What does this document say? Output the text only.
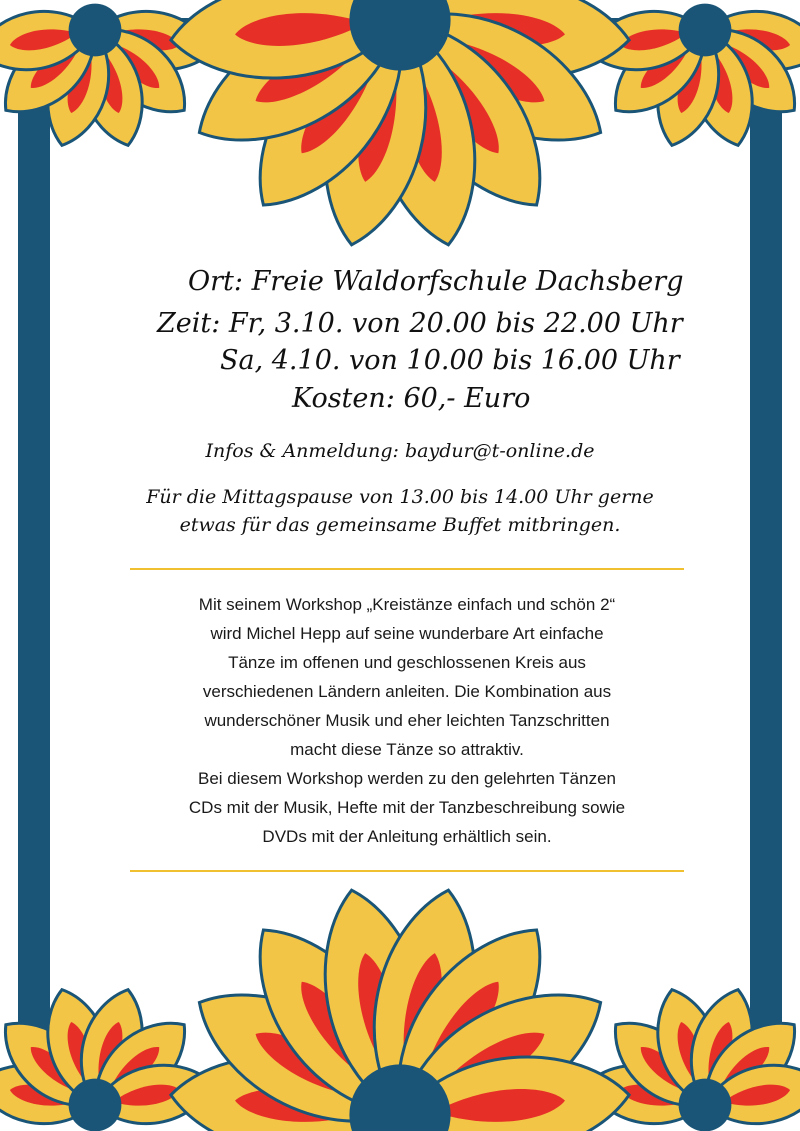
Ort: Freie Waldorfschule Dachsberg
Zeit: Fr, 3.10. von 20.00 bis 22.00 Uhr
Sa, 4.10. von 10.00 bis 16.00 Uhr
Kosten: 60,- Euro
Infos & Anmeldung: baydur@t-online.de
Für die Mittagspause von 13.00 bis 14.00 Uhr gerne
etwas für das gemeinsame Buffet mitbringen.
Mit seinem Workshop „Kreistänze einfach und schön 2“
wird Michel Hepp auf seine wunderbare Art einfache
Tänze im offenen und geschlossenen Kreis aus
verschiedenen Ländern anleiten. Die Kombination aus
wunderschöner Musik und eher leichten Tanzschritten
macht diese Tänze so attraktiv.
Bei diesem Workshop werden zu den gelehrten Tänzen
CDs mit der Musik, Hefte mit der Tanzbeschreibung sowie
DVDs mit der Anleitung erhältlich sein.
